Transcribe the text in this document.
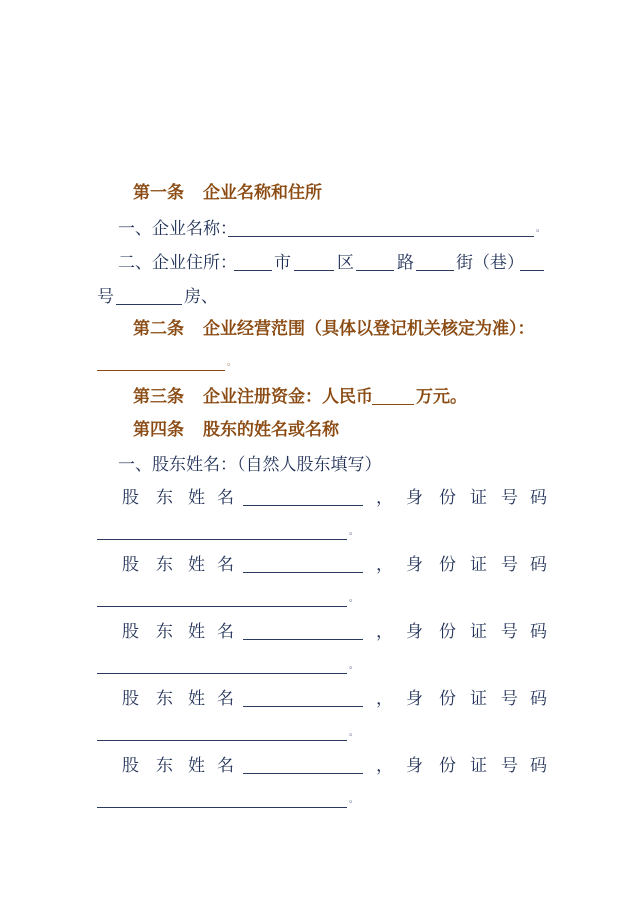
第一条 企业名称和住所
一、企业名称：	。
二、企业住所： 市	区	路 街（巷）
号	房、
第二条 企业经营范围（具体以登记机关核定为准）：
。
第三条 企业注册资金：人民币	万元。
第四条 股东的姓名或名称
一、股东姓名：（自然人股东填写）
股 东 姓 名	， 身 份 证 号 码
。
股 东 姓 名	， 身 份 证 号 码
。
股 东 姓 名	， 身 份 证 号 码
。
股 东 姓 名	， 身 份 证 号 码
。
股 东 姓 名	， 身 份 证 号 码
。
